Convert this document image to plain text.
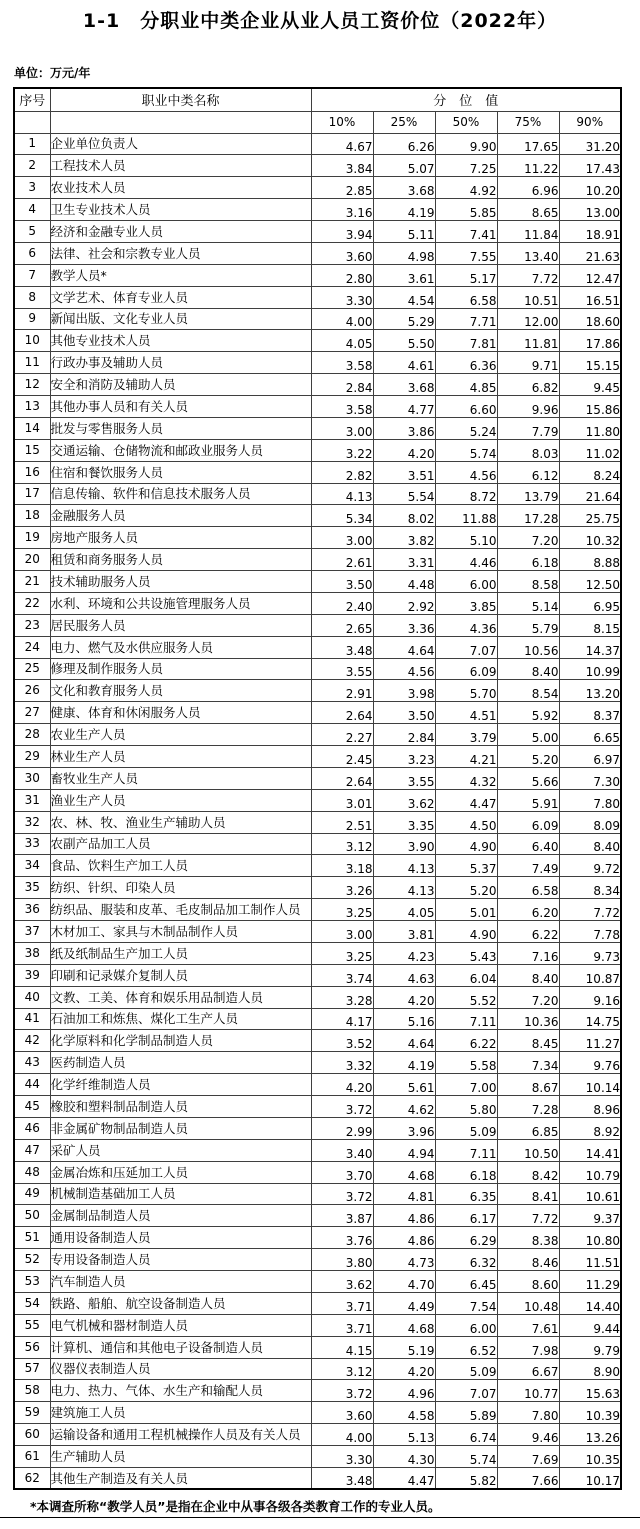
1-1　分职业中类企业从业人员工资价位（2022年）
单位：万元/年
序号	职业中类名称	分　位　值				
		10%	25%	50%	75%	90%
1	企业单位负责人	4.67	6.26	9.90	17.65	31.20
2	工程技术人员	3.84	5.07	7.25	11.22	17.43
3	农业技术人员	2.85	3.68	4.92	6.96	10.20
4	卫生专业技术人员	3.16	4.19	5.85	8.65	13.00
5	经济和金融专业人员	3.94	5.11	7.41	11.84	18.91
6	法律、社会和宗教专业人员	3.60	4.98	7.55	13.40	21.63
7	教学人员*	2.80	3.61	5.17	7.72	12.47
8	文学艺术、体育专业人员	3.30	4.54	6.58	10.51	16.51
9	新闻出版、文化专业人员	4.00	5.29	7.71	12.00	18.60
10	其他专业技术人员	4.05	5.50	7.81	11.81	17.86
11	行政办事及辅助人员	3.58	4.61	6.36	9.71	15.15
12	安全和消防及辅助人员	2.84	3.68	4.85	6.82	9.45
13	其他办事人员和有关人员	3.58	4.77	6.60	9.96	15.86
14	批发与零售服务人员	3.00	3.86	5.24	7.79	11.80
15	交通运输、仓储物流和邮政业服务人员	3.22	4.20	5.74	8.03	11.02
16	住宿和餐饮服务人员	2.82	3.51	4.56	6.12	8.24
17	信息传输、软件和信息技术服务人员	4.13	5.54	8.72	13.79	21.64
18	金融服务人员	5.34	8.02	11.88	17.28	25.75
19	房地产服务人员	3.00	3.82	5.10	7.20	10.32
20	租赁和商务服务人员	2.61	3.31	4.46	6.18	8.88
21	技术辅助服务人员	3.50	4.48	6.00	8.58	12.50
22	水利、环境和公共设施管理服务人员	2.40	2.92	3.85	5.14	6.95
23	居民服务人员	2.65	3.36	4.36	5.79	8.15
24	电力、燃气及水供应服务人员	3.48	4.64	7.07	10.56	14.37
25	修理及制作服务人员	3.55	4.56	6.09	8.40	10.99
26	文化和教育服务人员	2.91	3.98	5.70	8.54	13.20
27	健康、体育和休闲服务人员	2.64	3.50	4.51	5.92	8.37
28	农业生产人员	2.27	2.84	3.79	5.00	6.65
29	林业生产人员	2.45	3.23	4.21	5.20	6.97
30	畜牧业生产人员	2.64	3.55	4.32	5.66	7.30
31	渔业生产人员	3.01	3.62	4.47	5.91	7.80
32	农、林、牧、渔业生产辅助人员	2.51	3.35	4.50	6.09	8.09
33	农副产品加工人员	3.12	3.90	4.90	6.40	8.40
34	食品、饮料生产加工人员	3.18	4.13	5.37	7.49	9.72
35	纺织、针织、印染人员	3.26	4.13	5.20	6.58	8.34
36	纺织品、服装和皮革、毛皮制品加工制作人员	3.25	4.05	5.01	6.20	7.72
37	木材加工、家具与木制品制作人员	3.00	3.81	4.90	6.22	7.78
38	纸及纸制品生产加工人员	3.25	4.23	5.43	7.16	9.73
39	印刷和记录媒介复制人员	3.74	4.63	6.04	8.40	10.87
40	文教、工美、体育和娱乐用品制造人员	3.28	4.20	5.52	7.20	9.16
41	石油加工和炼焦、煤化工生产人员	4.17	5.16	7.11	10.36	14.75
42	化学原料和化学制品制造人员	3.52	4.64	6.22	8.45	11.27
43	医药制造人员	3.32	4.19	5.58	7.34	9.76
44	化学纤维制造人员	4.20	5.61	7.00	8.67	10.14
45	橡胶和塑料制品制造人员	3.72	4.62	5.80	7.28	8.96
46	非金属矿物制品制造人员	2.99	3.96	5.09	6.85	8.92
47	采矿人员	3.40	4.94	7.11	10.50	14.41
48	金属冶炼和压延加工人员	3.70	4.68	6.18	8.42	10.79
49	机械制造基础加工人员	3.72	4.81	6.35	8.41	10.61
50	金属制品制造人员	3.87	4.86	6.17	7.72	9.37
51	通用设备制造人员	3.76	4.86	6.29	8.38	10.80
52	专用设备制造人员	3.80	4.73	6.32	8.46	11.51
53	汽车制造人员	3.62	4.70	6.45	8.60	11.29
54	铁路、船舶、航空设备制造人员	3.71	4.49	7.54	10.48	14.40
55	电气机械和器材制造人员	3.71	4.68	6.00	7.61	9.44
56	计算机、通信和其他电子设备制造人员	4.15	5.19	6.52	7.98	9.79
57	仪器仪表制造人员	3.12	4.20	5.09	6.67	8.90
58	电力、热力、气体、水生产和输配人员	3.72	4.96	7.07	10.77	15.63
59	建筑施工人员	3.60	4.58	5.89	7.80	10.39
60	运输设备和通用工程机械操作人员及有关人员	4.00	5.13	6.74	9.46	13.26
61	生产辅助人员	3.30	4.30	5.74	7.69	10.35
62	其他生产制造及有关人员	3.48	4.47	5.82	7.66	10.17
*本调查所称“教学人员”是指在企业中从事各级各类教育工作的专业人员。
